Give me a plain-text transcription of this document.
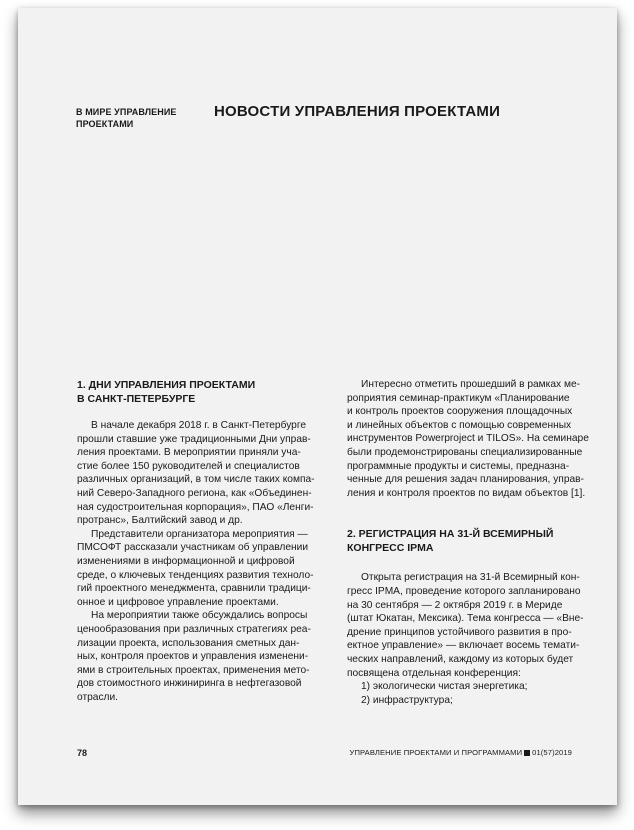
В МИРЕ УПРАВЛЕНИЕ
ПРОЕКТАМИ
НОВОСТИ УПРАВЛЕНИЯ ПРОЕКТАМИ
1. ДНИ УПРАВЛЕНИЯ ПРОЕКТАМИ
В САНКТ-ПЕТЕРБУРГЕ
В начале декабря 2018 г. в Санкт-Петербурге
прошли ставшие уже традиционными Дни управ-
ления проектами. В мероприятии приняли уча-
стие более 150 руководителей и специалистов
различных организаций, в том числе таких компа-
ний Северо-Западного региона, как «Объединен-
ная судостроительная корпорация», ПАО «Ленги-
протранс», Балтийский завод и др.
Представители организатора мероприятия —
ПМСОФТ рассказали участникам об управлении
изменениями в информационной и цифровой
среде, о ключевых тенденциях развития техноло-
гий проектного менеджмента, сравнили традици-
онное и цифровое управление проектами.
На мероприятии также обсуждались вопросы
ценообразования при различных стратегиях реа-
лизации проекта, использования сметных дан-
ных, контроля проектов и управления изменени-
ями в строительных проектах, применения мето-
дов стоимостного инжиниринга в нефтегазовой
отрасли.
Интересно отметить прошедший в рамках ме-
роприятия семинар-практикум «Планирование
и контроль проектов сооружения площадочных
и линейных объектов с помощью современных
инструментов Powerproject и TILOS». На семинаре
были продемонстрированы специализированные
программные продукты и системы, предназна-
ченные для решения задач планирования, управ-
ления и контроля проектов по видам объектов [1].
2. РЕГИСТРАЦИЯ НА 31-Й ВСЕМИРНЫЙ
КОНГРЕСС IPMA
Открыта регистрация на 31-й Всемирный кон-
гресс IPMA, проведение которого запланировано
на 30 сентября — 2 октября 2019 г. в Мериде
(штат Юкатан, Мексика). Тема конгресса — «Вне-
дрение принципов устойчивого развития в про-
ектное управление» — включает восемь темати-
ческих направлений, каждому из которых будет
посвящена отдельная конференция:
1) экологически чистая энергетика;
2) инфраструктура;
78	УПРАВЛЕНИЕ ПРОЕКТАМИ И ПРОГРАММАМИ 01(57)2019
